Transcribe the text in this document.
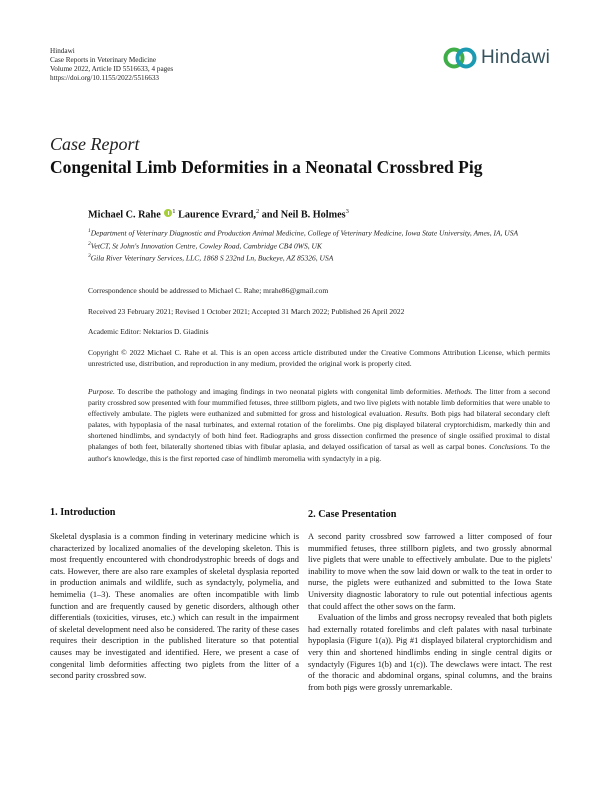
Hindawi
Case Reports in Veterinary Medicine
Volume 2022, Article ID 5516633, 4 pages
https://doi.org/10.1155/2022/5516633
Hindawi
Case Report
Congenital Limb Deformities in a Neonatal Crossbred Pig
Michael C. Rahe $^1$ Laurence Evrard,$^2$ and Neil B. Holmes$^3$

$^1$Department of Veterinary Diagnostic and Production Animal Medicine, College of Veterinary Medicine, Iowa State University, Ames, IA, USA

$^2$VetCT, St John's Innovation Centre, Cowley Road, Cambridge CB4 0WS, UK

$^3$Gila River Veterinary Services, LLC, 1868 S 232nd Ln, Buckeye, AZ 85326, USA

Correspondence should be addressed to Michael C. Rahe; mrahe86@gmail.com

Received 23 February 2021; Revised 1 October 2021; Accepted 31 March 2022; Published 26 April 2022

Academic Editor: Nektarios D. Giadinis

Copyright © 2022 Michael C. Rahe et al. This is an open access article distributed under the Creative Commons Attribution License, which permits unrestricted use, distribution, and reproduction in any medium, provided the original work is properly cited.

Purpose. To describe the pathology and imaging findings in two neonatal piglets with congenital limb deformities. Methods. The litter from a second parity crossbred sow presented with four mummified fetuses, three stillborn piglets, and two live piglets with notable limb deformities that were unable to effectively ambulate. The piglets were euthanized and submitted for gross and histological evaluation. Results. Both pigs had bilateral secondary cleft palates, with hypoplasia of the nasal turbinates, and external rotation of the forelimbs. One pig displayed bilateral cryptorchidism, markedly thin and shortened hindlimbs, and syndactyly of both hind feet. Radiographs and gross dissection confirmed the presence of single ossified proximal to distal phalanges of both feet, bilaterally shortened tibias with fibular aplasia, and delayed ossification of tarsal as well as carpal bones. Conclusions. To the author's knowledge, this is the first reported case of hindlimb meromelia with syndactyly in a pig.

1. Introduction

Skeletal dysplasia is a common finding in veterinary medicine which is characterized by localized anomalies of the developing skeleton. This is most frequently encountered with chondrodystrophic breeds of dogs and cats. However, there are also rare examples of skeletal dysplasia reported in production animals and wildlife, such as syndactyly, polymelia, and hemimelia (1–3). These anomalies are often incompatible with limb function and are frequently caused by genetic disorders, although other differentials (toxicities, viruses, etc.) which can result in the impairment of skeletal development need also be considered. The rarity of these cases requires their description in the published literature so that potential causes may be investigated and identified. Here, we present a case of congenital limb deformities affecting two piglets from the litter of a second parity crossbred sow.

2. Case Presentation

A second parity crossbred sow farrowed a litter composed of four mummified fetuses, three stillborn piglets, and two grossly abnormal live piglets that were unable to effectively ambulate. Due to the piglets' inability to move when the sow laid down or walk to the teat in order to nurse, the piglets were euthanized and submitted to the Iowa State University diagnostic laboratory to rule out potential infectious agents that could affect the other sows on the farm.

Evaluation of the limbs and gross necropsy revealed that both piglets had externally rotated forelimbs and cleft palates with nasal turbinate hypoplasia (Figure 1(a)). Pig #1 displayed bilateral cryptorchidism and very thin and shortened hindlimbs ending in single central digits or syndactyly (Figures 1(b) and 1(c)). The dewclaws were intact. The rest of the thoracic and abdominal organs, spinal columns, and the brains from both pigs were grossly unremarkable.
